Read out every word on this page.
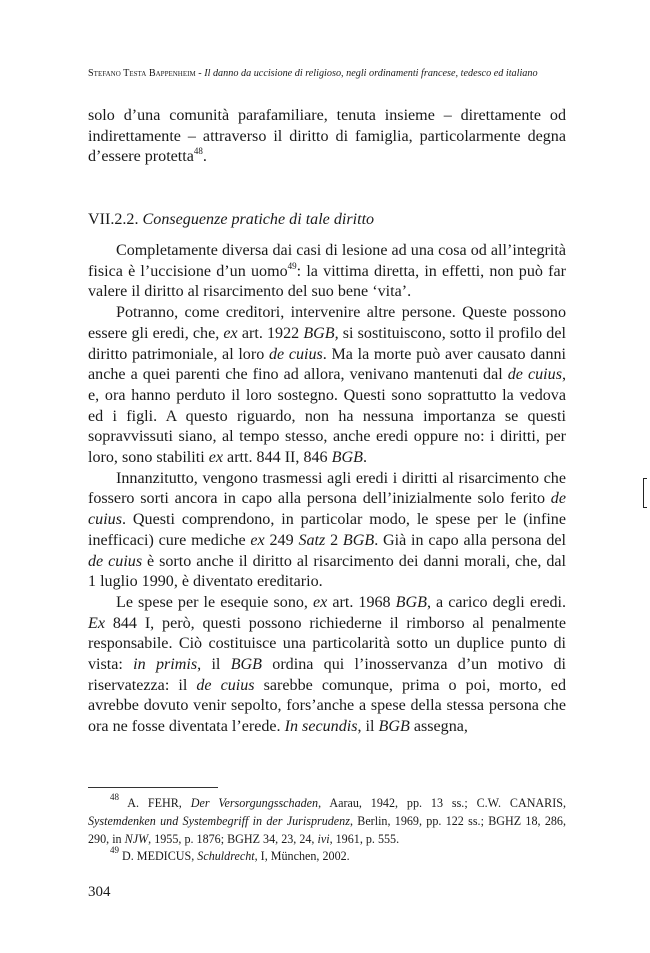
Stefano Testa Bappenheim - Il danno da uccisione di religioso, negli ordinamenti francese, tedesco ed italiano

solo d’una comunità parafamiliare, tenuta insieme – direttamente od indirettamente – attraverso il diritto di famiglia, particolarmente degna d’essere protetta$^{48}$.

VII.2.2. Conseguenze pratiche di tale diritto

Completamente diversa dai casi di lesione ad una cosa od all’integrità fisica è l’uccisione d’un uomo$^{49}$: la vittima diretta, in effetti, non può far valere il diritto al risarcimento del suo bene ‘vita’.

Potranno, come creditori, intervenire altre persone. Queste possono essere gli eredi, che, ex art. 1922 BGB, si sostituiscono, sotto il profilo del diritto patrimoniale, al loro de cuius. Ma la morte può aver causato danni anche a quei parenti che fino ad allora, venivano mantenuti dal de cuius, e, ora hanno perduto il loro sostegno. Questi sono soprattutto la vedova ed i figli. A questo riguardo, non ha nessuna importanza se questi sopravvissuti siano, al tempo stesso, anche eredi oppure no: i diritti, per loro, sono stabiliti ex artt. 844 II, 846 BGB.

Innanzitutto, vengono trasmessi agli eredi i diritti al risarcimento che fossero sorti ancora in capo alla persona dell’inizialmente solo ferito de cuius. Questi comprendono, in particolar modo, le spese per le (infine inefficaci) cure mediche ex 249 Satz 2 BGB. Già in capo alla persona del de cuius è sorto anche il diritto al risarcimento dei danni morali, che, dal 1 luglio 1990, è diventato ereditario.

Le spese per le esequie sono, ex art. 1968 BGB, a carico degli eredi. Ex 844 I, però, questi possono richiederne il rimborso al penalmente responsabile. Ciò costituisce una particolarità sotto un duplice punto di vista: in primis, il BGB ordina qui l’inosservanza d’un motivo di riservatezza: il de cuius sarebbe comunque, prima o poi, morto, ed avrebbe dovuto venir sepolto, fors’anche a spese della stessa persona che ora ne fosse diventata l’erede. In secundis, il BGB assegna,

$^{48}$ A. FEHR, Der Versorgungsschaden, Aarau, 1942, pp. 13 ss.; C.W. CANARIS, Systemdenken und Systembegriff in der Jurisprudenz, Berlin, 1969, pp. 122 ss.; BGHZ 18, 286, 290, in NJW, 1955, p. 1876; BGHZ 34, 23, 24, ivi, 1961, p. 555.

$^{49}$ D. MEDICUS, Schuldrecht, I, München, 2002.

304
